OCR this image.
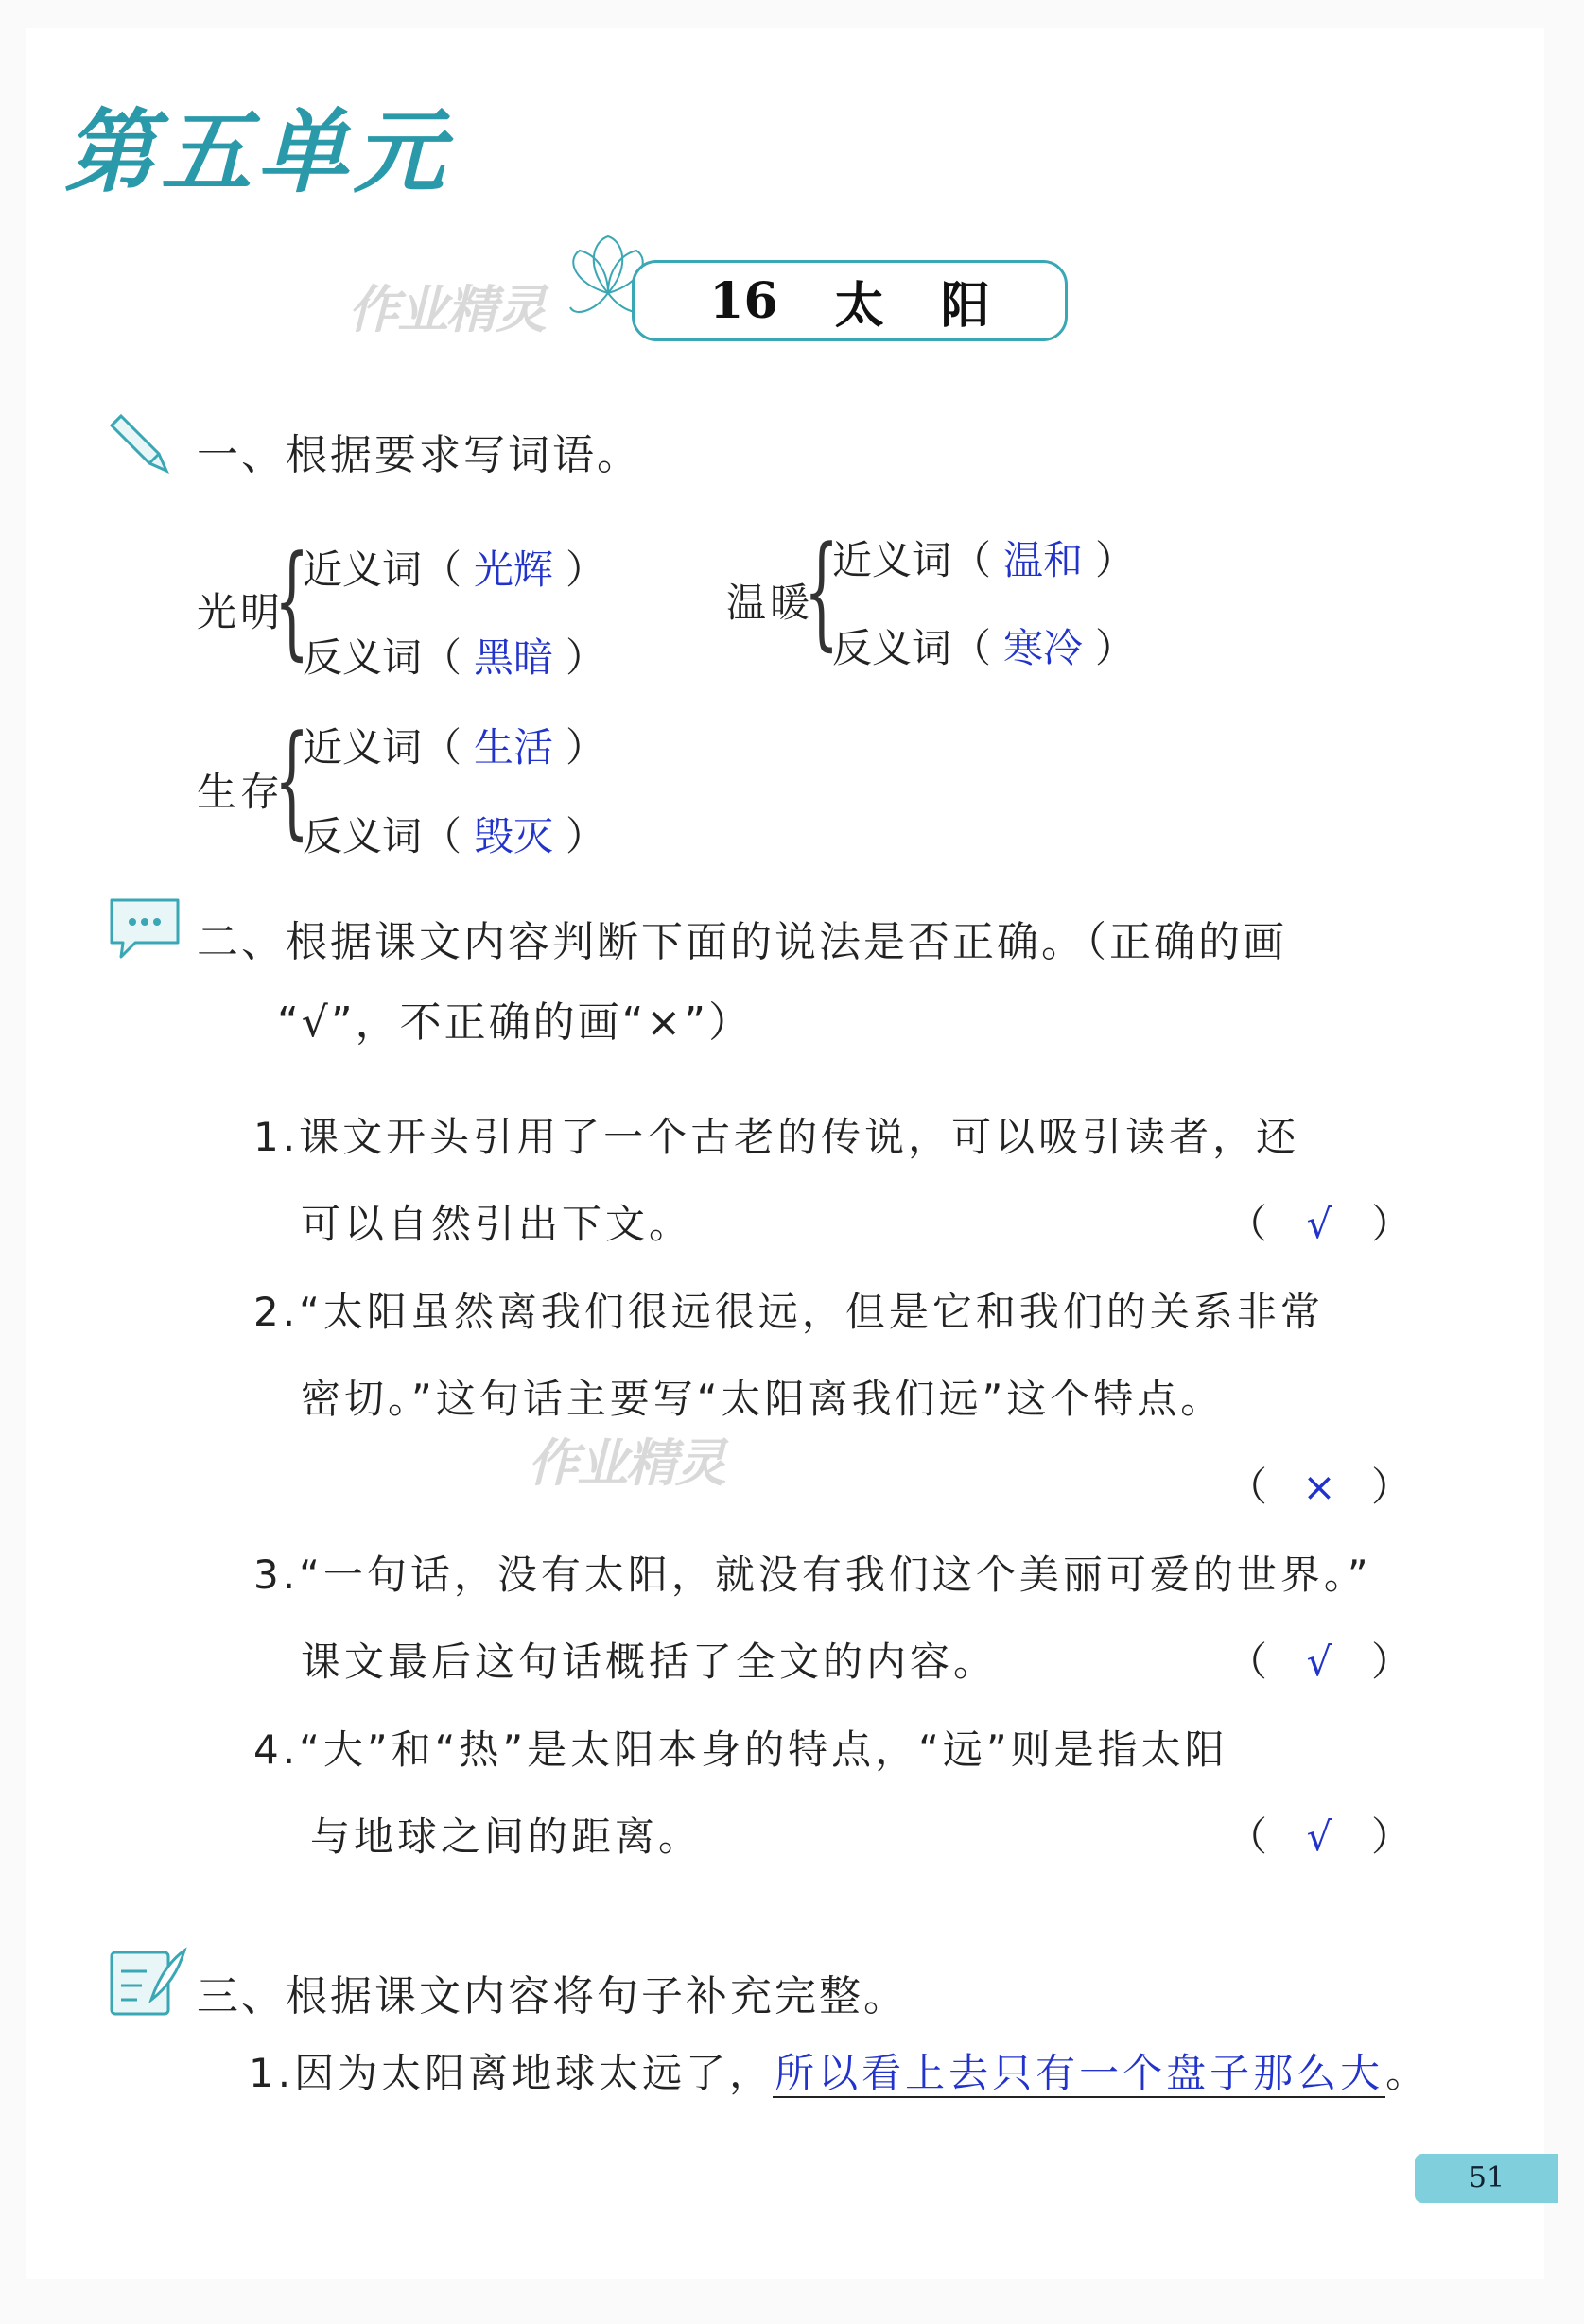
第五单元
作业精灵	16 太阳
一、根据要求写词语。
光明
{
近义词（ 光辉 ）
反义词（ 黑暗 ）
温暖
{
近义词（ 温和 ）
反义词（ 寒冷 ）
生存
{
近义词（ 生活 ）
反义词（ 毁灭 ）
二、根据课文内容判断下面的说法是否正确。（正确的画
“√”，不正确的画“×”）
1.课文开头引用了一个古老的传说，可以吸引读者，还
可以自然引出下文。	（ √ ）
2.“太阳虽然离我们很远很远，但是它和我们的关系非常
密切。”这句话主要写“太阳离我们远”这个特点。
作业精灵	（ × ）
3.“一句话，没有太阳，就没有我们这个美丽可爱的世界。”
课文最后这句话概括了全文的内容。	（ √ ）
4.“大”和“热”是太阳本身的特点，“远”则是指太阳
与地球之间的距离。	（ √ ）
三、根据课文内容将句子补充完整。
1.因为太阳离地球太远了，所以看上去只有一个盘子那么大。
51
